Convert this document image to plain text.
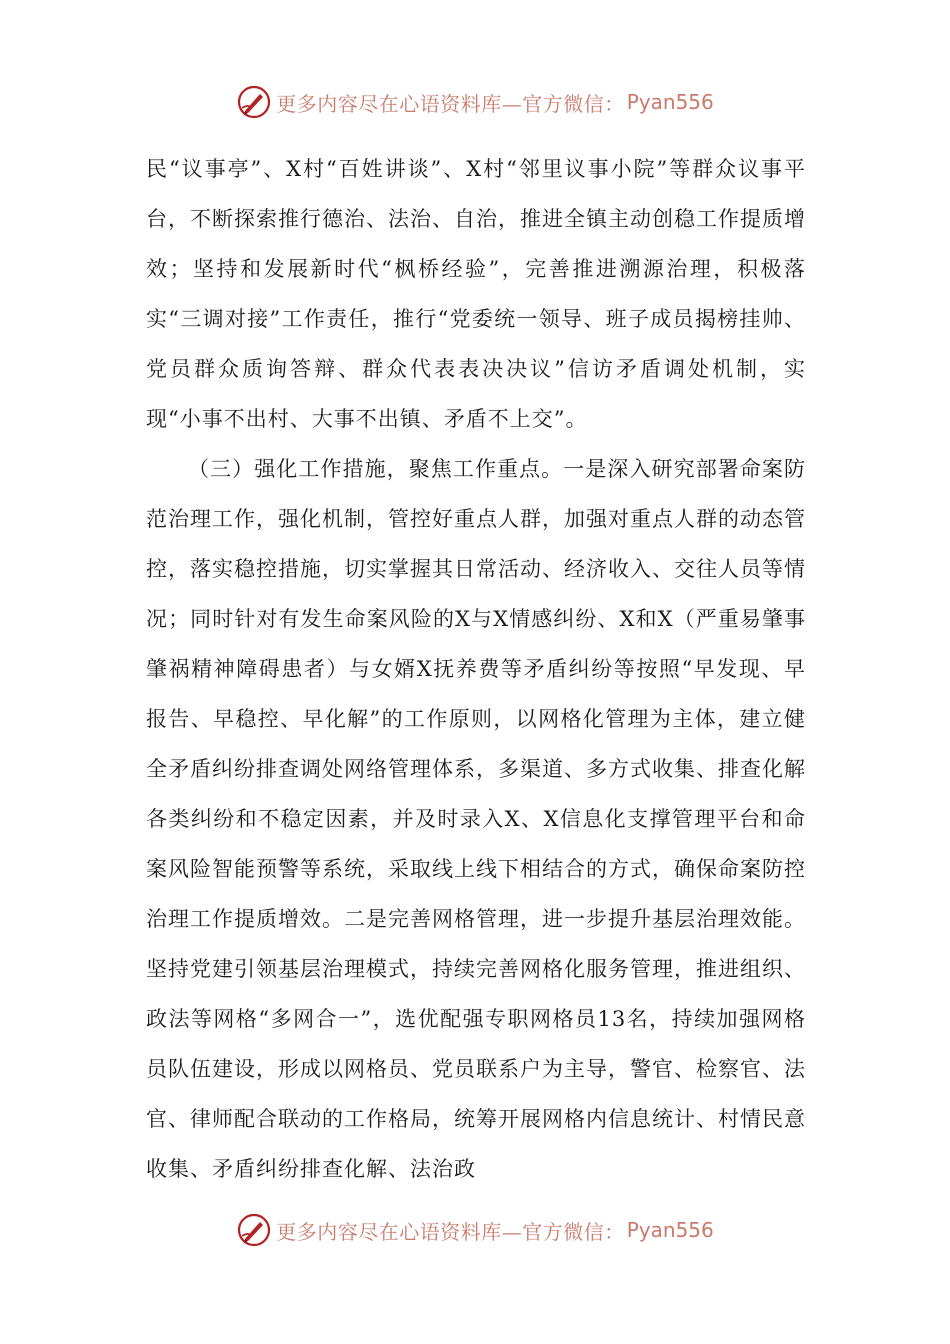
更多内容尽在心语资料库—官方微信： Pyan556

民“议事亭”、X村“百姓讲谈”、X村“邻里议事小院”等群众议事平台，不断探索推行德治、法治、自治，推进全镇主动创稳工作提质增效；坚持和发展新时代“枫桥经验”，完善推进溯源治理，积极落实“三调对接”工作责任，推行“党委统一领导、班子成员揭榜挂帅、党员群众质询答辩、群众代表表决决议”信访矛盾调处机制，实现“小事不出村、大事不出镇、矛盾不上交”。

（三）强化工作措施，聚焦工作重点。一是深入研究部署命案防范治理工作，强化机制，管控好重点人群，加强对重点人群的动态管控，落实稳控措施，切实掌握其日常活动、经济收入、交往人员等情况；同时针对有发生命案风险的X与X情感纠纷、X和X（严重易肇事肇祸精神障碍患者）与女婿X抚养费等矛盾纠纷等按照“早发现、早报告、早稳控、早化解”的工作原则，以网格化管理为主体，建立健全矛盾纠纷排查调处网络管理体系，多渠道、多方式收集、排查化解各类纠纷和不稳定因素，并及时录入X、X信息化支撑管理平台和命案风险智能预警等系统，采取线上线下相结合的方式，确保命案防控治理工作提质增效。二是完善网格管理，进一步提升基层治理效能。坚持党建引领基层治理模式，持续完善网格化服务管理，推进组织、政法等网格“多网合一”，选优配强专职网格员13名，持续加强网格员队伍建设，形成以网格员、党员联系户为主导，警官、检察官、法官、律师配合联动的工作格局，统筹开展网格内信息统计、村情民意收集、矛盾纠纷排查化解、法治政

更多内容尽在心语资料库—官方微信： Pyan556
